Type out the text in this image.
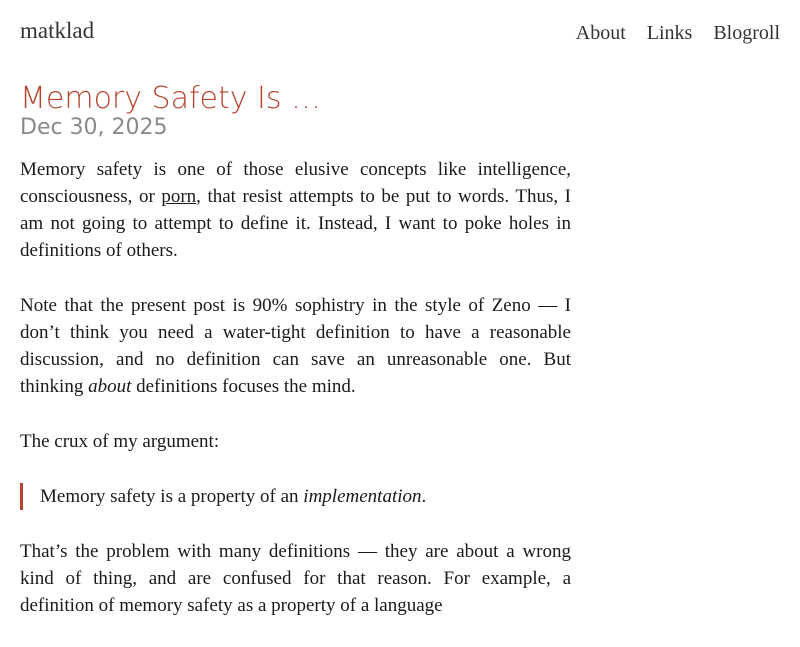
matklad	About Links Blogroll
Memory Safety Is …
Dec 30, 2025

Memory safety is one of those elusive concepts like intelligence, consciousness, or porn, that resist attempts to be put to words. Thus, I am not going to attempt to define it. Instead, I want to poke holes in definitions of others.

Note that the present post is 90% sophistry in the style of Zeno — I don’t think you need a water-tight definition to have a reasonable discussion, and no definition can save an unreasonable one. But thinking about definitions focuses the mind.

The crux of my argument:

Memory safety is a property of an implementation.

That’s the problem with many definitions — they are about a wrong kind of thing, and are confused for that reason. For example, a definition of memory safety as a property of a language
